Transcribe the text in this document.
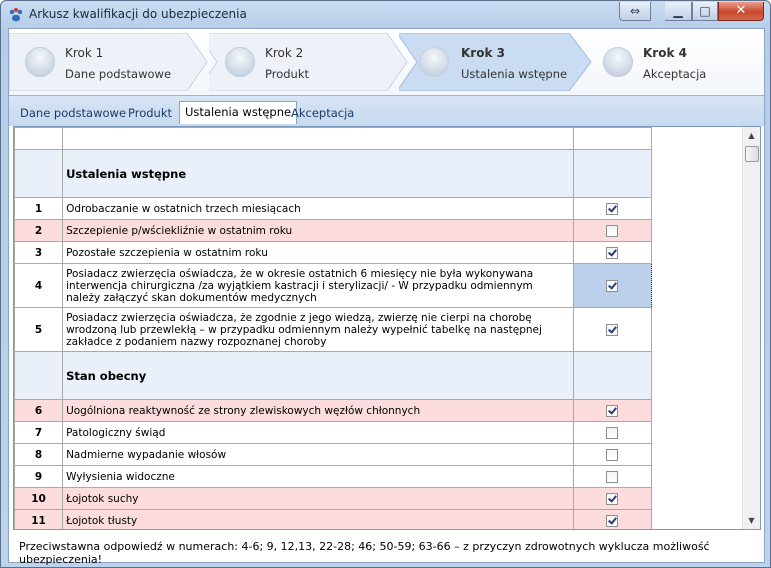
Arkusz kwalifikacji do ubezpieczenia	⇔	▁	□	✕
Krok 1
Dane podstawowe
Krok 2
Produkt
Krok 3
Ustalenia wstępne
Krok 4
Akceptacja
Dane podstawowe Produkt	Ustalenia wstępne Akceptacja

	Ustalenia wstępne	
1	Odrobaczanie w ostatnich trzech miesiącach	
2	Szczepienie p/wściekliźnie w ostatnim roku	
3	Pozostałe szczepienia w ostatnim roku	
4	Posiadacz zwierzęcia oświadcza, że w okresie ostatnich 6 miesięcy nie była wykonywana interwencja chirurgiczna /za wyjątkiem kastracji i sterylizacji/ - W przypadku odmiennym należy załączyć skan dokumentów medycznych	
5	Posiadacz zwierzęcia oświadcza, że zgodnie z jego wiedzą, zwierzę nie cierpi na chorobę wrodzoną lub przewlekłą – w przypadku odmiennym należy wypełnić tabelkę na następnej zakładce z podaniem nazwy rozpoznanej choroby	
	Stan obecny	
6	Uogólniona reaktywność ze strony zlewiskowych węzłów chłonnych	
7	Patologiczny świąd	
8	Nadmierne wypadanie włosów	
9	Wyłysienia widoczne	
10	Łojotok suchy	
11	Łojotok tłusty	
▲
▼
Przeciwstawna odpowiedź w numerach: 4-6; 9, 12,13, 22-28; 46; 50-59; 63-66 – z przyczyn zdrowotnych wyklucza możliwość ubezpieczenia!
